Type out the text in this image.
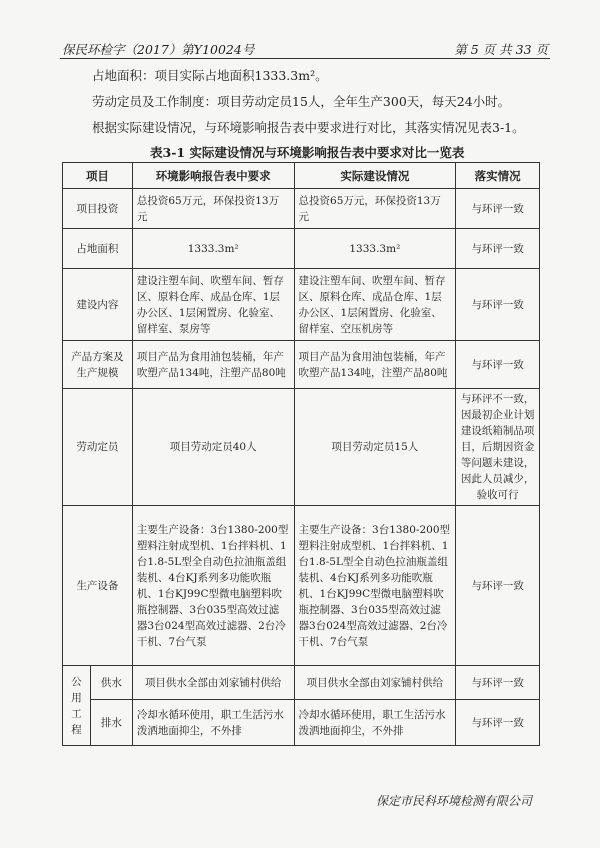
保民环检字（2017）第Y10024号	第 5 页 共 33 页
占地面积：项目实际占地面积1333.3m²。
劳动定员及工作制度：项目劳动定员15人，全年生产300天，每天24小时。
根据实际建设情况，与环境影响报告表中要求进行对比，其落实情况见表3-1。
表3-1 实际建设情况与环境影响报告表中要求对比一览表
项目		环境影响报告表中要求	实际建设情况	落实情况
项目投资		总投资65万元，环保投资13万元	总投资65万元，环保投资13万元	与环评一致
占地面积		1333.3m²	1333.3m²	与环评一致
建设内容		建设注塑车间、吹塑车间、暂存区、原料仓库、成品仓库、1层办公区、1层闲置房、化验室、留样室、泵房等	建设注塑车间、吹塑车间、暂存区、原料仓库、成品仓库、1层办公区、1层闲置房、化验室、留样室、空压机房等	与环评一致
产品方案及生产规模		项目产品为食用油包装桶，年产吹塑产品134吨，注塑产品80吨	项目产品为食用油包装桶，年产吹塑产品134吨，注塑产品80吨	与环评一致
劳动定员		项目劳动定员40人	项目劳动定员15人	与环评不一致，因最初企业计划建设纸箱制品项目，后期因资金等问题未建设，因此人员减少，验收可行
生产设备		主要生产设备：3台1380-200型塑料注射成型机、1台拌料机、1台1.8-5L型全自动色拉油瓶盖组装机、4台KJ系列多功能吹瓶机、1台KJ99C型微电脑塑料吹瓶控制器、3台035型高效过滤器3台024型高效过滤器、2台冷干机、7台气泵	主要生产设备：3台1380-200型塑料注射成型机、1台拌料机、1台1.8-5L型全自动色拉油瓶盖组装机、4台KJ系列多功能吹瓶机、1台KJ99C型微电脑塑料吹瓶控制器、3台035型高效过滤器3台024型高效过滤器、2台冷干机、7台气泵	与环评一致
公用工程	供水	项目供水全部由刘家铺村供给	项目供水全部由刘家铺村供给	与环评一致
	排水	冷却水循环使用，职工生活污水泼洒地面抑尘，不外排	冷却水循环使用，职工生活污水泼洒地面抑尘，不外排	与环评一致
保定市民科环境检测有限公司
